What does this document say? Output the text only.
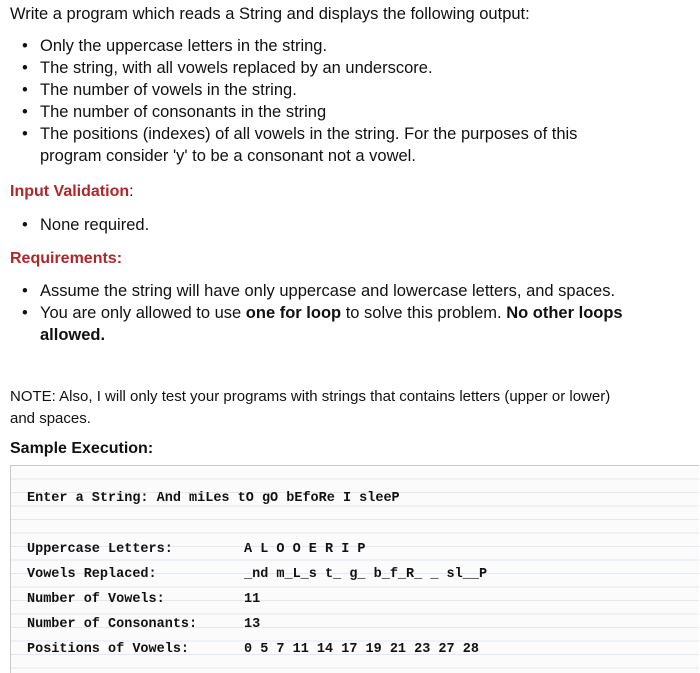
Write a program which reads a String and displays the following output:
• Only the uppercase letters in the string.
• The string, with all vowels replaced by an underscore.
• The number of vowels in the string.
• The number of consonants in the string
• The positions (indexes) of all vowels in the string. For the purposes of this
program consider 'y' to be a consonant not a vowel.
Input Validation:
• None required.
Requirements:
• Assume the string will have only uppercase and lowercase letters, and spaces.
• You are only allowed to use one for loop to solve this problem. No other loops
allowed.
NOTE: Also, I will only test your programs with strings that contains letters (upper or lower)
and spaces.
Sample Execution:
Enter a String: And miLes tO gO bEfoRe I sleeP
Uppercase Letters:	A L O O E R I P
Vowels Replaced:	_nd m_L_s t_ g_ b_f_R_ _ sl__P
Number of Vowels:	11
Number of Consonants:	13
Positions of Vowels:	0 5 7 11 14 17 19 21 23 27 28
